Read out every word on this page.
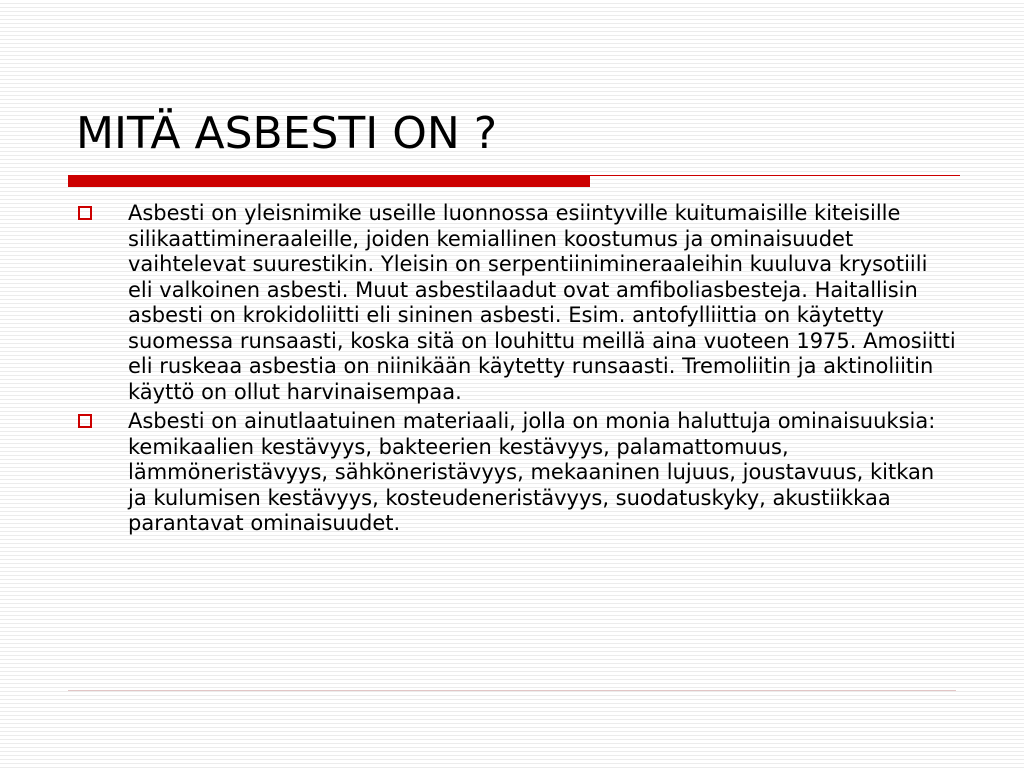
MITÄ ASBESTI ON ?
Asbesti on yleisnimike useille luonnossa esiintyville kuitumaisille kiteisille silikaattimineraaleille, joiden kemiallinen koostumus ja ominaisuudet vaihtelevat suurestikin. Yleisin on serpentiinimineraaleihin kuuluva krysotiili eli valkoinen asbesti. Muut asbestilaadut ovat amfiboliasbesteja. Haitallisin asbesti on krokidoliitti eli sininen asbesti. Esim. antofylliittia on käytetty suomessa runsaasti, koska sitä on louhittu meillä aina vuoteen 1975. Amosiitti eli ruskeaa asbestia on niinikään käytetty runsaasti. Tremoliitin ja aktinoliitin käyttö on ollut harvinaisempaa.
Asbesti on ainutlaatuinen materiaali, jolla on monia haluttuja ominaisuuksia: kemikaalien kestävyys, bakteerien kestävyys, palamattomuus, lämmöneristävyys, sähköneristävyys, mekaaninen lujuus, joustavuus, kitkan ja kulumisen kestävyys, kosteudeneristävyys, suodatuskyky, akustiikkaa parantavat ominaisuudet.
